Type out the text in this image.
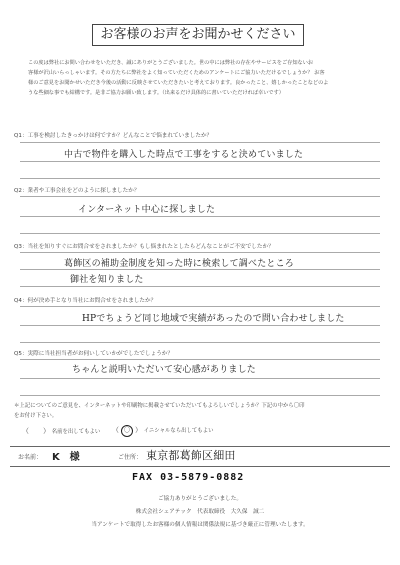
お客様のお声をお聞かせください

この度は弊社にお問い合わせをいただき、誠にありがとうございました。世の中には弊社の存在やサービスをご存知ないお

客様が沢山いらっしゃいます。その方たちに弊社をよく知っていただくためのアンケートにご協力いただけるでしょうか？ お客

様のご意見をお聞かせいただき今後の活動に反映させていただきたいと考えております。良かったこと、嬉しかったことなどのよ

うな些細な事でも結構です。是非ご協力お願い致します。（出来るだけ具体的に書いていただければ幸いです）

Q1：工事を検討したきっかけは何ですか？どんなことで悩まれていましたか？
中古で物件を購入した時点で工事をすると決めていました
Q2：業者や工事会社をどのように探しましたか？
インターネット中心に探しました
Q3：当社を知りすぐにお問合せをされましたか？もし悩まれたとしたらどんなことがご不安でしたか？
葛飾区の補助金制度を知った時に検索して調べたところ
御社を知りました
Q4：何が決め手となり当社にお問合せをされましたか？
HPでちょうど同じ地域で実績があったので問い合わせしました
Q5：実際に当社担当者がお伺いしていかがでしたでしょうか？
ちゃんと説明いただいて安心感がありました
＊上記についてのご意見を、インターネットや印刷物に掲載させていただいてもよろしいでしょうか？下記の中から〇印
をお付け下さい。
（　　） 名前を出してもよい （ 〇 ） イニシャルなら出してもよい
お名前： K 様	ご住所： 東京都葛飾区細田
FAX 03-5879-0882
ご協力ありがとうございました。
株式会社シェアテック　代表取締役　大久保　誠二
当アンケートで取得したお客様の個人情報は関係法規に基づき厳正に管理いたします。
